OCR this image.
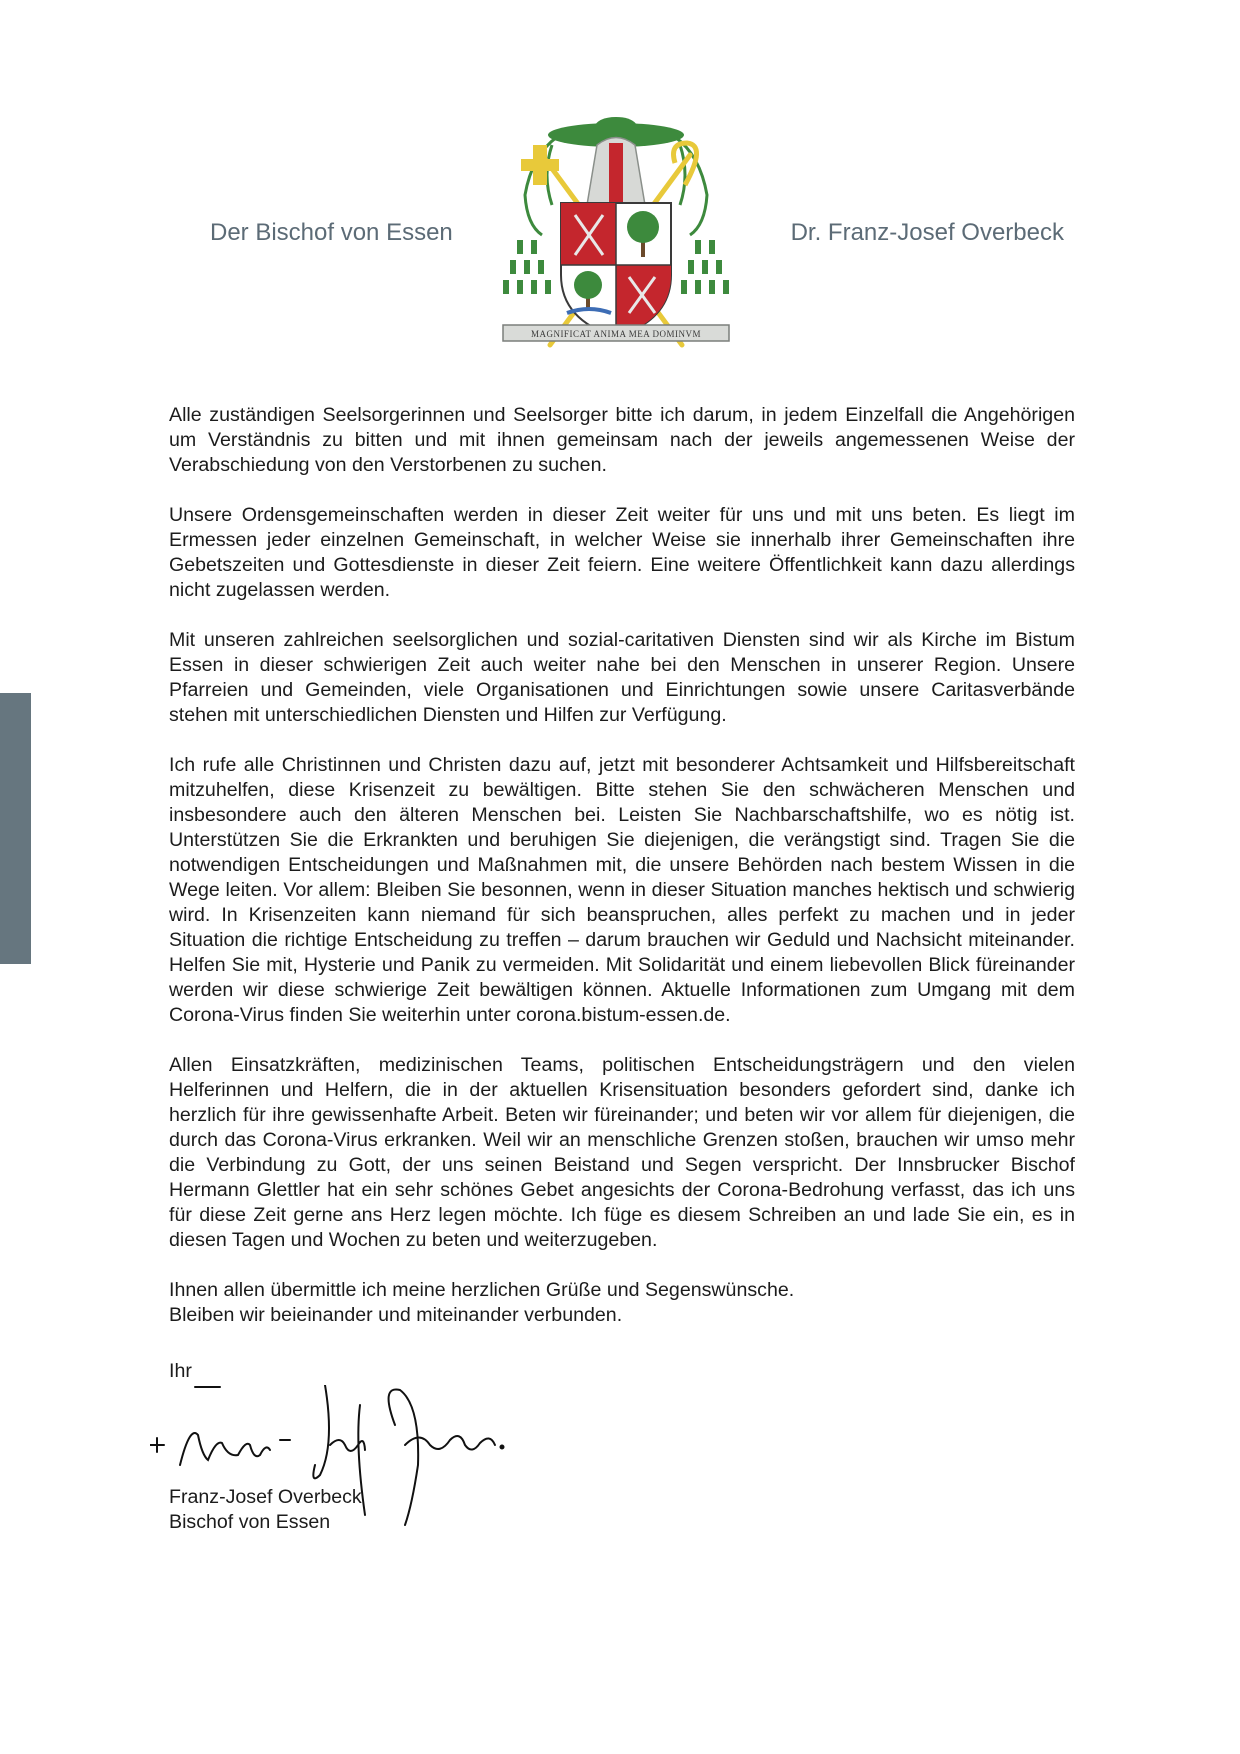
Der Bischof von Essen
MAGNIFICAT ANIMA MEA DOMINVM
Dr. Franz-Josef Overbeck

Alle zuständigen Seelsorgerinnen und Seelsorger bitte ich darum, in jedem Einzelfall die Angehörigen um Verständnis zu bitten und mit ihnen gemeinsam nach der jeweils angemessenen Weise der Verabschiedung von den Verstorbenen zu suchen.

Unsere Ordensgemeinschaften werden in dieser Zeit weiter für uns und mit uns beten. Es liegt im Ermessen jeder einzelnen Gemeinschaft, in welcher Weise sie innerhalb ihrer Gemeinschaften ihre Gebetszeiten und Gottesdienste in dieser Zeit feiern. Eine weitere Öffentlichkeit kann dazu allerdings nicht zugelassen werden.

Mit unseren zahlreichen seelsorglichen und sozial-caritativen Diensten sind wir als Kirche im Bistum Essen in dieser schwierigen Zeit auch weiter nahe bei den Menschen in unserer Region. Unsere Pfarreien und Gemeinden, viele Organisationen und Einrichtungen sowie unsere Caritasverbände stehen mit unterschiedlichen Diensten und Hilfen zur Verfügung.

Ich rufe alle Christinnen und Christen dazu auf, jetzt mit besonderer Achtsamkeit und Hilfsbereitschaft mitzuhelfen, diese Krisenzeit zu bewältigen. Bitte stehen Sie den schwächeren Menschen und insbesondere auch den älteren Menschen bei. Leisten Sie Nachbarschaftshilfe, wo es nötig ist. Unterstützen Sie die Erkrankten und beruhigen Sie diejenigen, die verängstigt sind. Tragen Sie die notwendigen Entscheidungen und Maßnahmen mit, die unsere Behörden nach bestem Wissen in die Wege leiten. Vor allem: Bleiben Sie besonnen, wenn in dieser Situation manches hektisch und schwierig wird. In Krisenzeiten kann niemand für sich beanspruchen, alles perfekt zu machen und in jeder Situation die richtige Entscheidung zu treffen – darum brauchen wir Geduld und Nachsicht miteinander. Helfen Sie mit, Hysterie und Panik zu vermeiden. Mit Solidarität und einem liebevollen Blick füreinander werden wir diese schwierige Zeit bewältigen können. Aktuelle Informationen zum Umgang mit dem Corona-Virus finden Sie weiterhin unter corona.bistum-essen.de.

Allen Einsatzkräften, medizinischen Teams, politischen Entscheidungsträgern und den vielen Helferinnen und Helfern, die in der aktuellen Krisensituation besonders gefordert sind, danke ich herzlich für ihre gewissenhafte Arbeit. Beten wir füreinander; und beten wir vor allem für diejenigen, die durch das Corona-Virus erkranken. Weil wir an menschliche Grenzen stoßen, brauchen wir umso mehr die Verbindung zu Gott, der uns seinen Beistand und Segen verspricht. Der Innsbrucker Bischof Hermann Glettler hat ein sehr schönes Gebet angesichts der Corona-Bedrohung verfasst, das ich uns für diese Zeit gerne ans Herz legen möchte. Ich füge es diesem Schreiben an und lade Sie ein, es in diesen Tagen und Wochen zu beten und weiterzugeben.

Ihnen allen übermittle ich meine herzlichen Grüße und Segenswünsche.
Bleiben wir beieinander und miteinander verbunden.

Ihr
Franz-Josef Overbeck
Bischof von Essen
